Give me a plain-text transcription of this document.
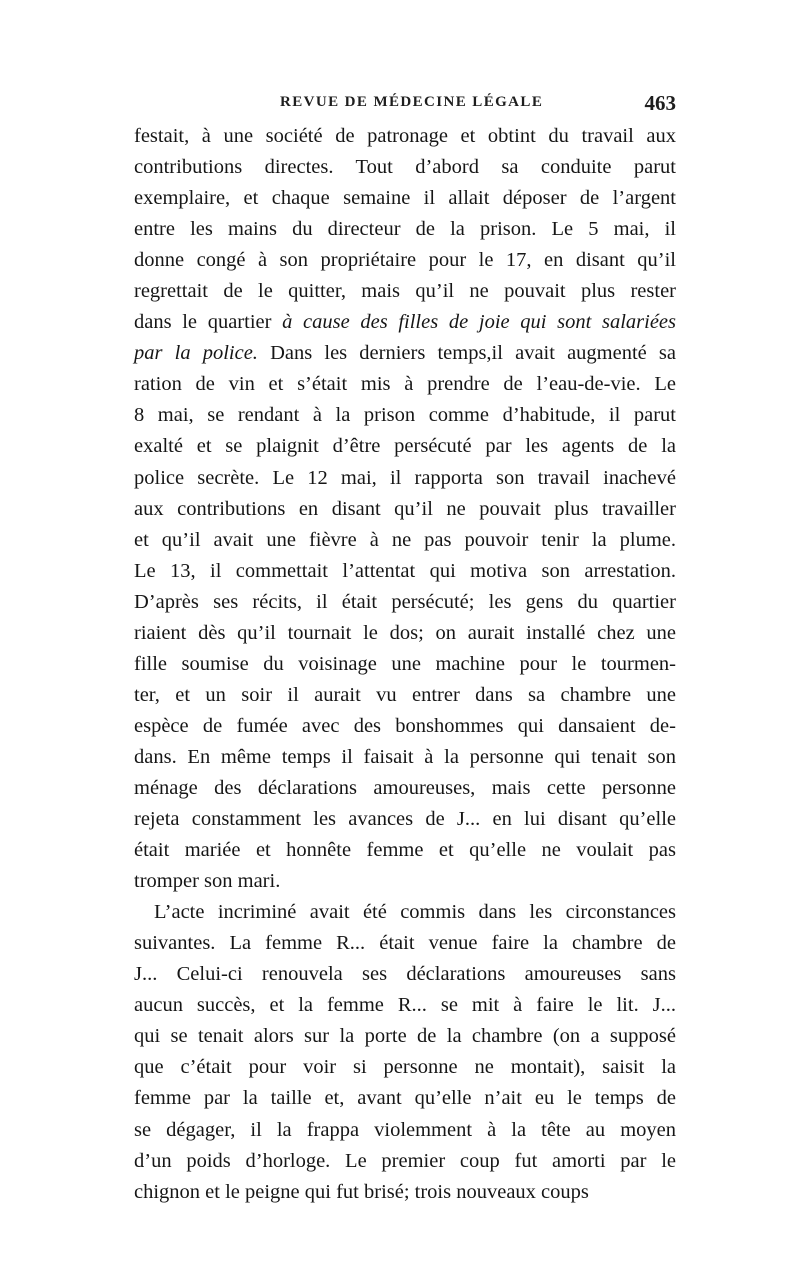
REVUE DE MÉDECINE LÉGALE	463
festait, à une société de patronage et obtint du travail aux
contributions directes. Tout d’abord sa conduite parut
exemplaire, et chaque semaine il allait déposer de l’argent
entre les mains du directeur de la prison. Le 5 mai, il
donne congé à son propriétaire pour le 17, en disant qu’il
regrettait de le quitter, mais qu’il ne pouvait plus rester
dans le quartier à cause des filles de joie qui sont salariées
par la police. Dans les derniers temps,il avait augmenté sa
ration de vin et s’était mis à prendre de l’eau-de-vie. Le
8 mai, se rendant à la prison comme d’habitude, il parut
exalté et se plaignit d’être persécuté par les agents de la
police secrète. Le 12 mai, il rapporta son travail inachevé
aux contributions en disant qu’il ne pouvait plus travailler
et qu’il avait une fièvre à ne pas pouvoir tenir la plume.
Le 13, il commettait l’attentat qui motiva son arrestation.
D’après ses récits, il était persécuté; les gens du quartier
riaient dès qu’il tournait le dos; on aurait installé chez une
fille soumise du voisinage une machine pour le tourmen-
ter, et un soir il aurait vu entrer dans sa chambre une
espèce de fumée avec des bonshommes qui dansaient de-
dans. En même temps il faisait à la personne qui tenait son
ménage des déclarations amoureuses, mais cette personne
rejeta constamment les avances de J... en lui disant qu’elle
était mariée et honnête femme et qu’elle ne voulait pas
tromper son mari.
L’acte incriminé avait été commis dans les circonstances
suivantes. La femme R... était venue faire la chambre de
J... Celui-ci renouvela ses déclarations amoureuses sans
aucun succès, et la femme R... se mit à faire le lit. J...
qui se tenait alors sur la porte de la chambre (on a supposé
que c’était pour voir si personne ne montait), saisit la
femme par la taille et, avant qu’elle n’ait eu le temps de
se dégager, il la frappa violemment à la tête au moyen
d’un poids d’horloge. Le premier coup fut amorti par le
chignon et le peigne qui fut brisé; trois nouveaux coups
